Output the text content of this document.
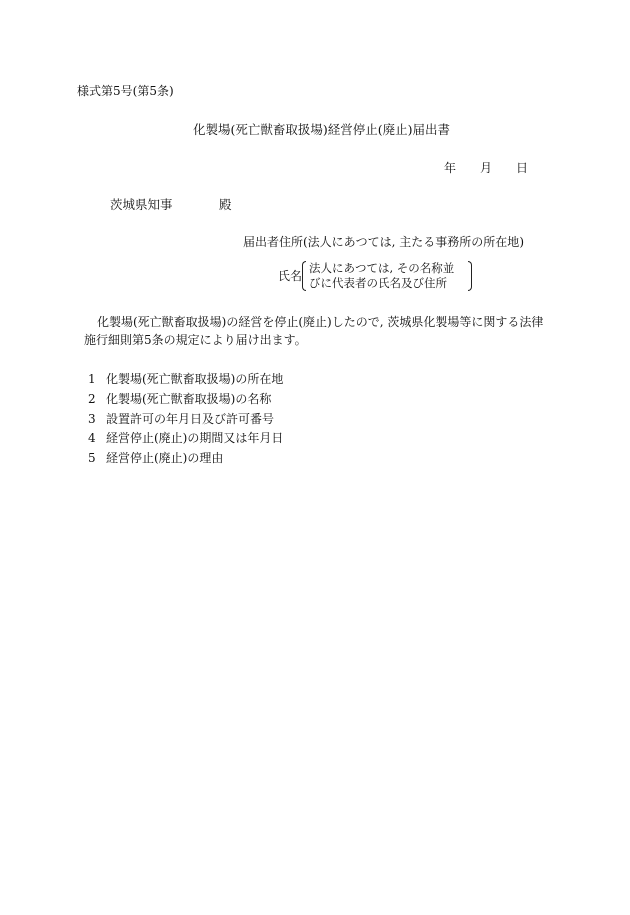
様式第5号(第5条)
化製場(死亡獣畜取扱場)経営停止(廃止)届出書
年 月 日
茨城県知事	殿
届出者住所(法人にあつては, 主たる事務所の所在地)
氏名
法人にあつては, その名称並
びに代表者の氏名及び住所
化製場(死亡獣畜取扱場)の経営を停止(廃止)したので, 茨城県化製場等に関する法律
施行細則第5条の規定により届け出ます。
1 化製場(死亡獣畜取扱場)の所在地
2 化製場(死亡獣畜取扱場)の名称
3 設置許可の年月日及び許可番号
4 経営停止(廃止)の期間又は年月日
5 経営停止(廃止)の理由
